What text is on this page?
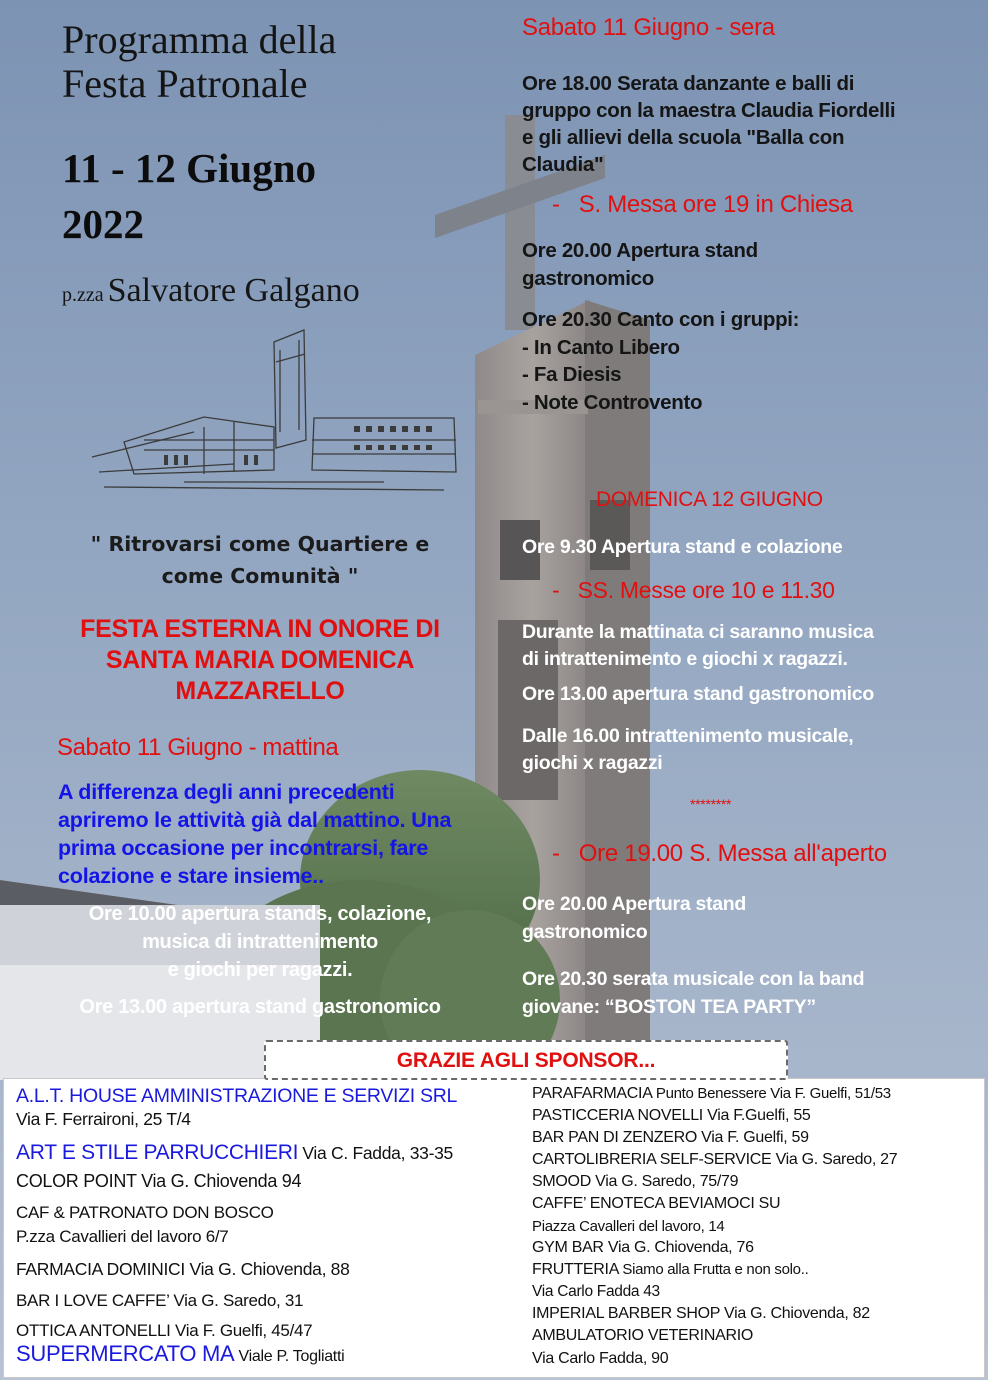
Programma della
Festa Patronale
11 - 12 Giugno
2022
p.zza Salvatore Galgano
" Ritrovarsi come Quartiere e
come Comunità "
FESTA ESTERNA IN ONORE DI
SANTA MARIA DOMENICA
MAZZARELLO
Sabato 11 Giugno - mattina
A differenza degli anni precedenti
apriremo le attività già dal mattino. Una
prima occasione per incontrarsi, fare
colazione e stare insieme..
Ore 10.00 apertura stands, colazione,
musica di intrattenimento
e giochi per ragazzi.
Ore 13.00 apertura stand gastronomico
Sabato 11 Giugno - sera
Ore 18.00 Serata danzante e balli di
gruppo con la maestra Claudia Fiordelli
e gli allievi della scuola "Balla con
Claudia"
-   S. Messa ore 19 in Chiesa
Ore 20.00 Apertura stand
gastronomico
Ore 20.30 Canto con i gruppi:
- In Canto Libero
- Fa Diesis
- Note Controvento
DOMENICA 12 GIUGNO
Ore 9.30 Apertura stand e colazione
-   SS. Messe ore 10 e 11.30
Durante la mattinata ci saranno musica
di intrattenimento e giochi x ragazzi.
Ore 13.00 apertura stand gastronomico
Dalle 16.00 intrattenimento musicale,
giochi x ragazzi
********
-   Ore 19.00 S. Messa all'aperto
Ore 20.00 Apertura stand
gastronomico
Ore 20.30 serata musicale con la band
giovane: “BOSTON TEA PARTY”
A.L.T. HOUSE AMMINISTRAZIONE E SERVIZI SRL
Via F. Ferraironi, 25 T/4
ART E STILE PARRUCCHIERI Via C. Fadda, 33-35
COLOR POINT Via G. Chiovenda 94
CAF & PATRONATO DON BOSCO
P.zza Cavallieri del lavoro 6/7
FARMACIA DOMINICI Via G. Chiovenda, 88
BAR I LOVE CAFFE’ Via G. Saredo, 31
OTTICA ANTONELLI Via F. Guelfi, 45/47
SUPERMERCATO MA Viale P. Togliatti
PARAFARMACIA Punto Benessere Via F. Guelfi, 51/53
PASTICCERIA NOVELLI Via F.Guelfi, 55
BAR PAN DI ZENZERO Via F. Guelfi, 59
CARTOLIBRERIA SELF-SERVICE Via G. Saredo, 27
SMOOD Via G. Saredo, 75/79
CAFFE’ ENOTECA BEVIAMOCI SU
Piazza Cavalleri del lavoro, 14
GYM BAR Via G. Chiovenda, 76
FRUTTERIA Siamo alla Frutta e non solo..
Via Carlo Fadda 43
IMPERIAL BARBER SHOP Via G. Chiovenda, 82
AMBULATORIO VETERINARIO
Via Carlo Fadda, 90
GRAZIE AGLI SPONSOR...
